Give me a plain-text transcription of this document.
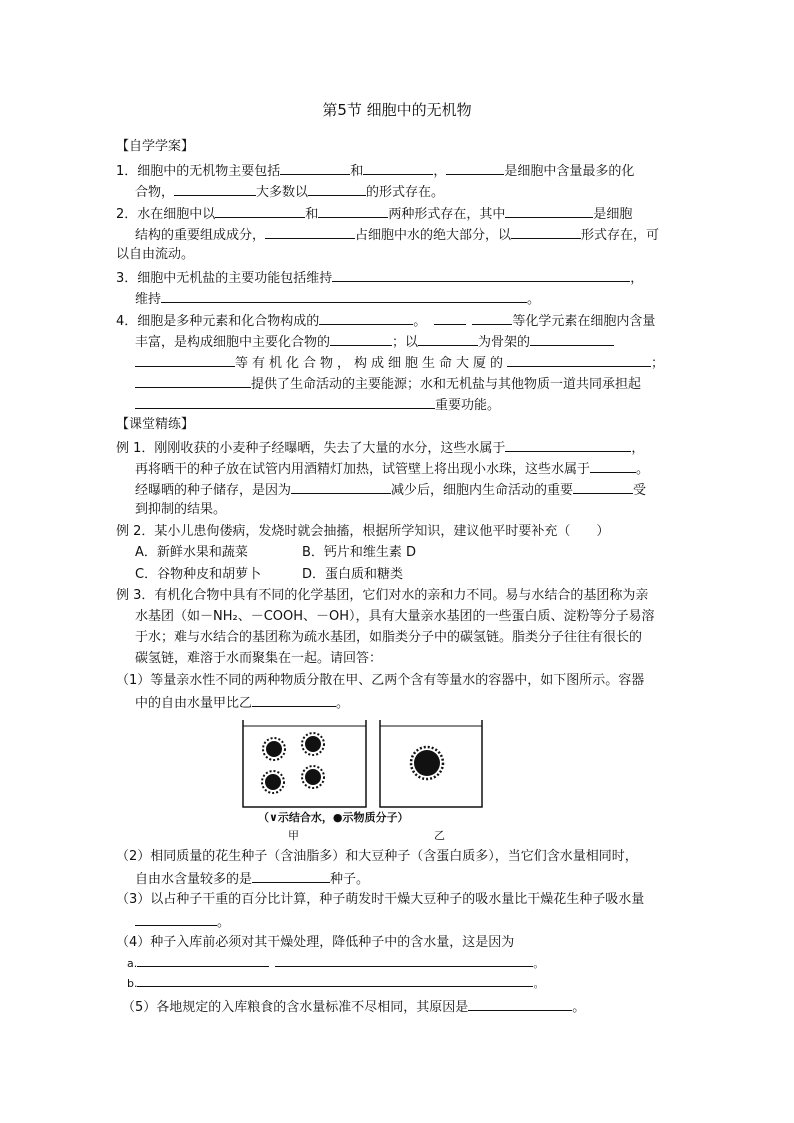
第5节 细胞中的无机物
【自学学案】
1．细胞中的无机物主要包括	和	，	是细胞中含量最多的化
合物，	大多数以	的形式存在。
2．水在细胞中以	和	两种形式存在，其中	是细胞
结构的重要组成成分，	占细胞中水的绝大部分，以	形式存在，可
以自由流动。
3．细胞中无机盐的主要功能包括维持	，
维持	。
4．细胞是多种元素和化合物构成的	。	等化学元素在细胞内含量
丰富，是构成细胞中主要化合物的	；以	为骨架的
等有机化合物，构成细胞生命大厦的	；
提供了生命活动的主要能源；水和无机盐与其他物质一道共同承担起
重要功能。
【课堂精练】
例 1．刚刚收获的小麦种子经曝晒，失去了大量的水分，这些水属于	，
再将晒干的种子放在试管内用酒精灯加热，试管壁上将出现小水珠，这些水属于	。
经曝晒的种子储存，是因为	减少后，细胞内生命活动的重要	受
到抑制的结果。
例 2．某小儿患佝偻病，发烧时就会抽搐，根据所学知识，建议他平时要补充（　　）
A．新鲜水果和蔬菜	B．钙片和维生素 D
C．谷物种皮和胡萝卜	D．蛋白质和糖类
例 3．有机化合物中具有不同的化学基团，它们对水的亲和力不同。易与水结合的基团称为亲
水基团（如－NH₂、－COOH、－OH），具有大量亲水基团的一些蛋白质、淀粉等分子易溶
于水；难与水结合的基团称为疏水基团，如脂类分子中的碳氢链。脂类分子往往有很长的
碳氢链，难溶于水而聚集在一起。请回答：
（1）等量亲水性不同的两种物质分散在甲、乙两个含有等量水的容器中，如下图所示。容器
中的自由水量甲比乙	。
（∨示结合水，●示物质分子）
甲	乙
（2）相同质量的花生种子（含油脂多）和大豆种子（含蛋白质多），当它们含水量相同时，
自由水含量较多的是	种子。
（3）以占种子干重的百分比计算，种子萌发时干燥大豆种子的吸水量比干燥花生种子吸水量
。
（4）种子入库前必须对其干燥处理，降低种子中的含水量，这是因为
a.	。
b.	。
（5）各地规定的入库粮食的含水量标准不尽相同，其原因是	。
